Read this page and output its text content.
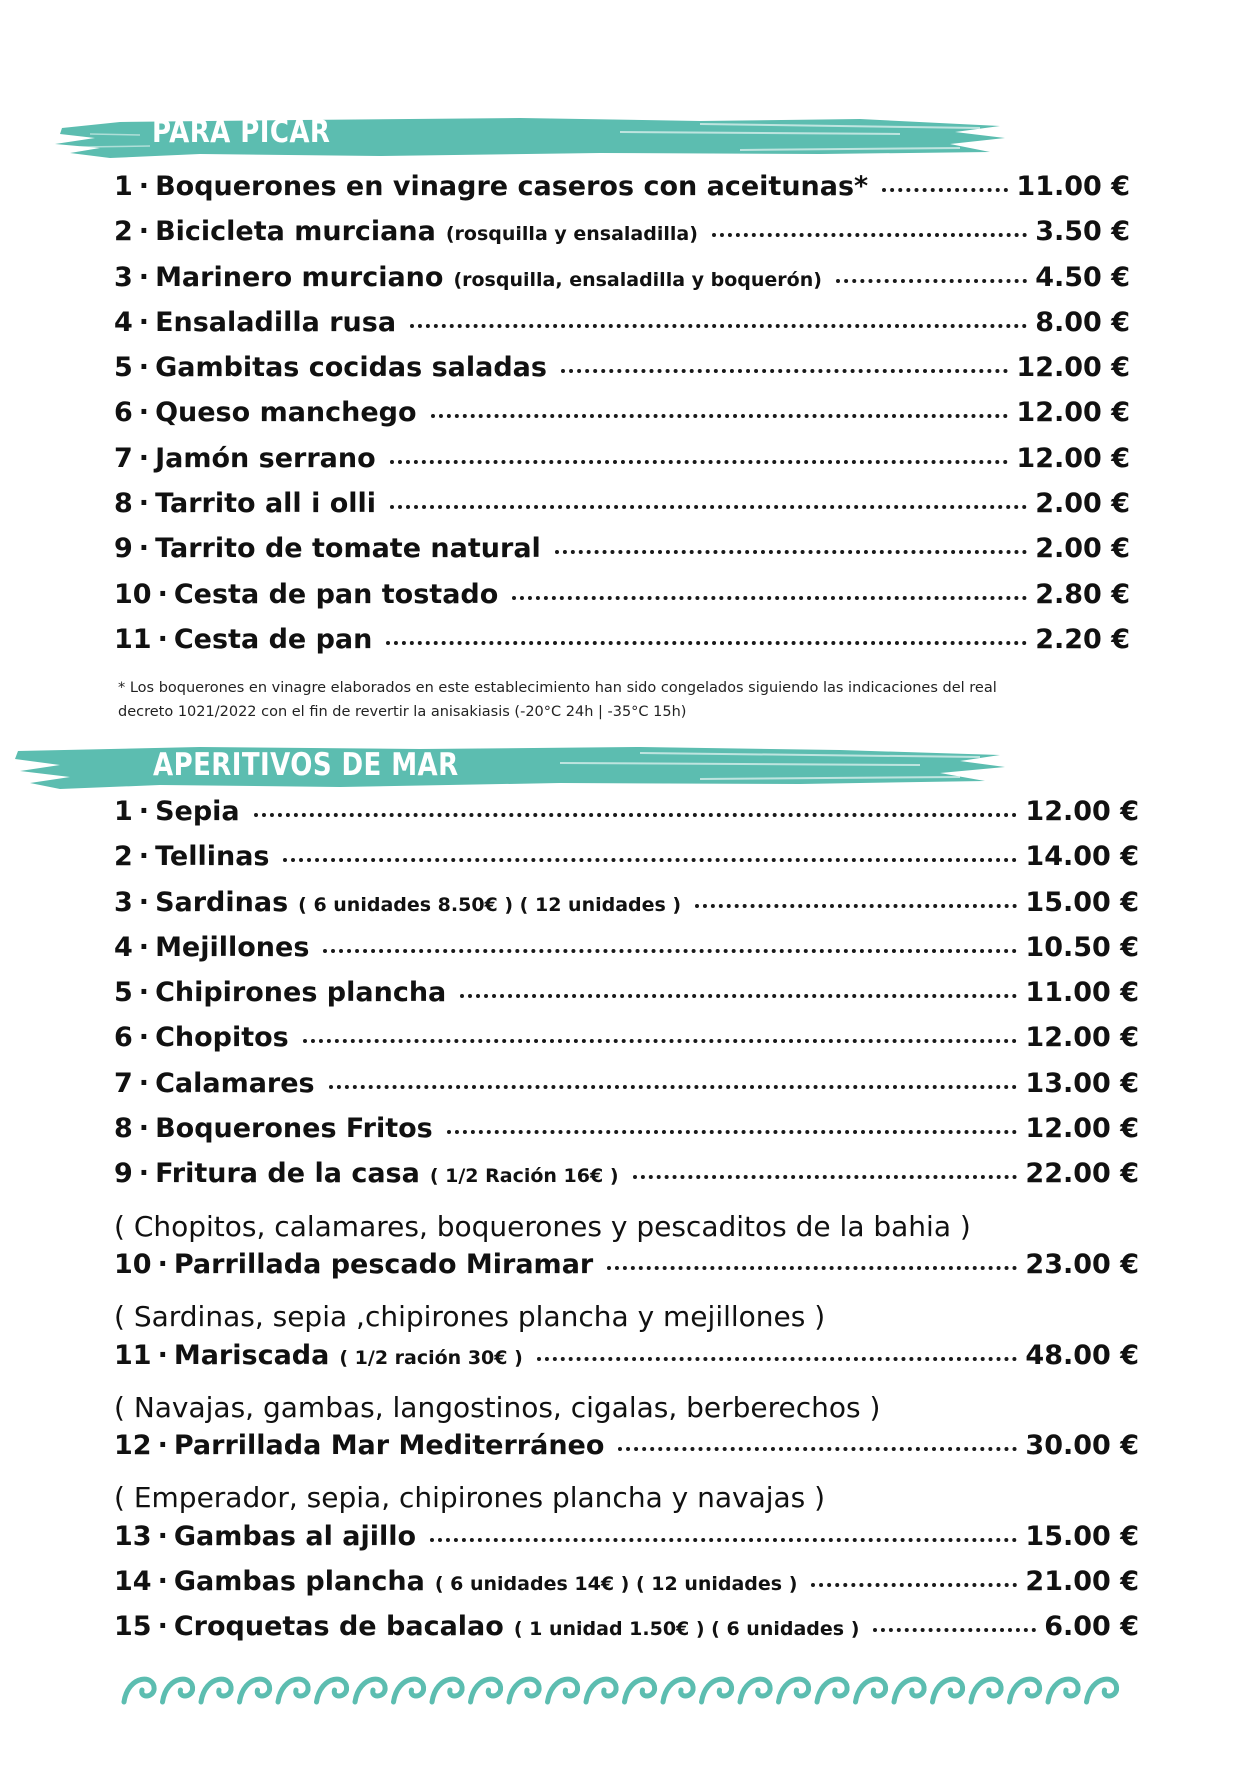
PARA PICAR
1 · Boquerones en vinagre caseros con aceitunas*	11.00 €
2 · Bicicleta murciana (rosquilla y ensaladilla)	3.50 €
3 · Marinero murciano (rosquilla, ensaladilla y boquerón)	4.50 €
4 · Ensaladilla rusa	8.00 €
5 · Gambitas cocidas saladas	12.00 €
6 · Queso manchego	12.00 €
7 · Jamón serrano	12.00 €
8 · Tarrito all i olli	2.00 €
9 · Tarrito de tomate natural	2.00 €
10 · Cesta de pan tostado	2.80 €
11 · Cesta de pan	2.20 €
* Los boquerones en vinagre elaborados en este establecimiento han sido congelados siguiendo las indicaciones del real
decreto 1021/2022 con el fin de revertir la anisakiasis (-20°C 24h | -35°C 15h)
APERITIVOS DE MAR
1 · Sepia	12.00 €
2 · Tellinas	14.00 €
3 · Sardinas ( 6 unidades 8.50€ ) ( 12 unidades )	15.00 €
4 · Mejillones	10.50 €
5 · Chipirones plancha	11.00 €
6 · Chopitos	12.00 €
7 · Calamares	13.00 €
8 · Boquerones Fritos	12.00 €
9 · Fritura de la casa ( 1/2 Ración 16€ )	22.00 €
( Chopitos, calamares, boquerones y pescaditos de la bahia )
10 · Parrillada pescado Miramar	23.00 €
( Sardinas, sepia ,chipirones plancha y mejillones )
11 · Mariscada ( 1/2 ración 30€ )	48.00 €
( Navajas, gambas, langostinos, cigalas, berberechos )
12 · Parrillada Mar Mediterráneo	30.00 €
( Emperador, sepia, chipirones plancha y navajas )
13 · Gambas al ajillo	15.00 €
14 · Gambas plancha ( 6 unidades 14€ ) ( 12 unidades )	21.00 €
15 · Croquetas de bacalao ( 1 unidad 1.50€ ) ( 6 unidades )	6.00 €
